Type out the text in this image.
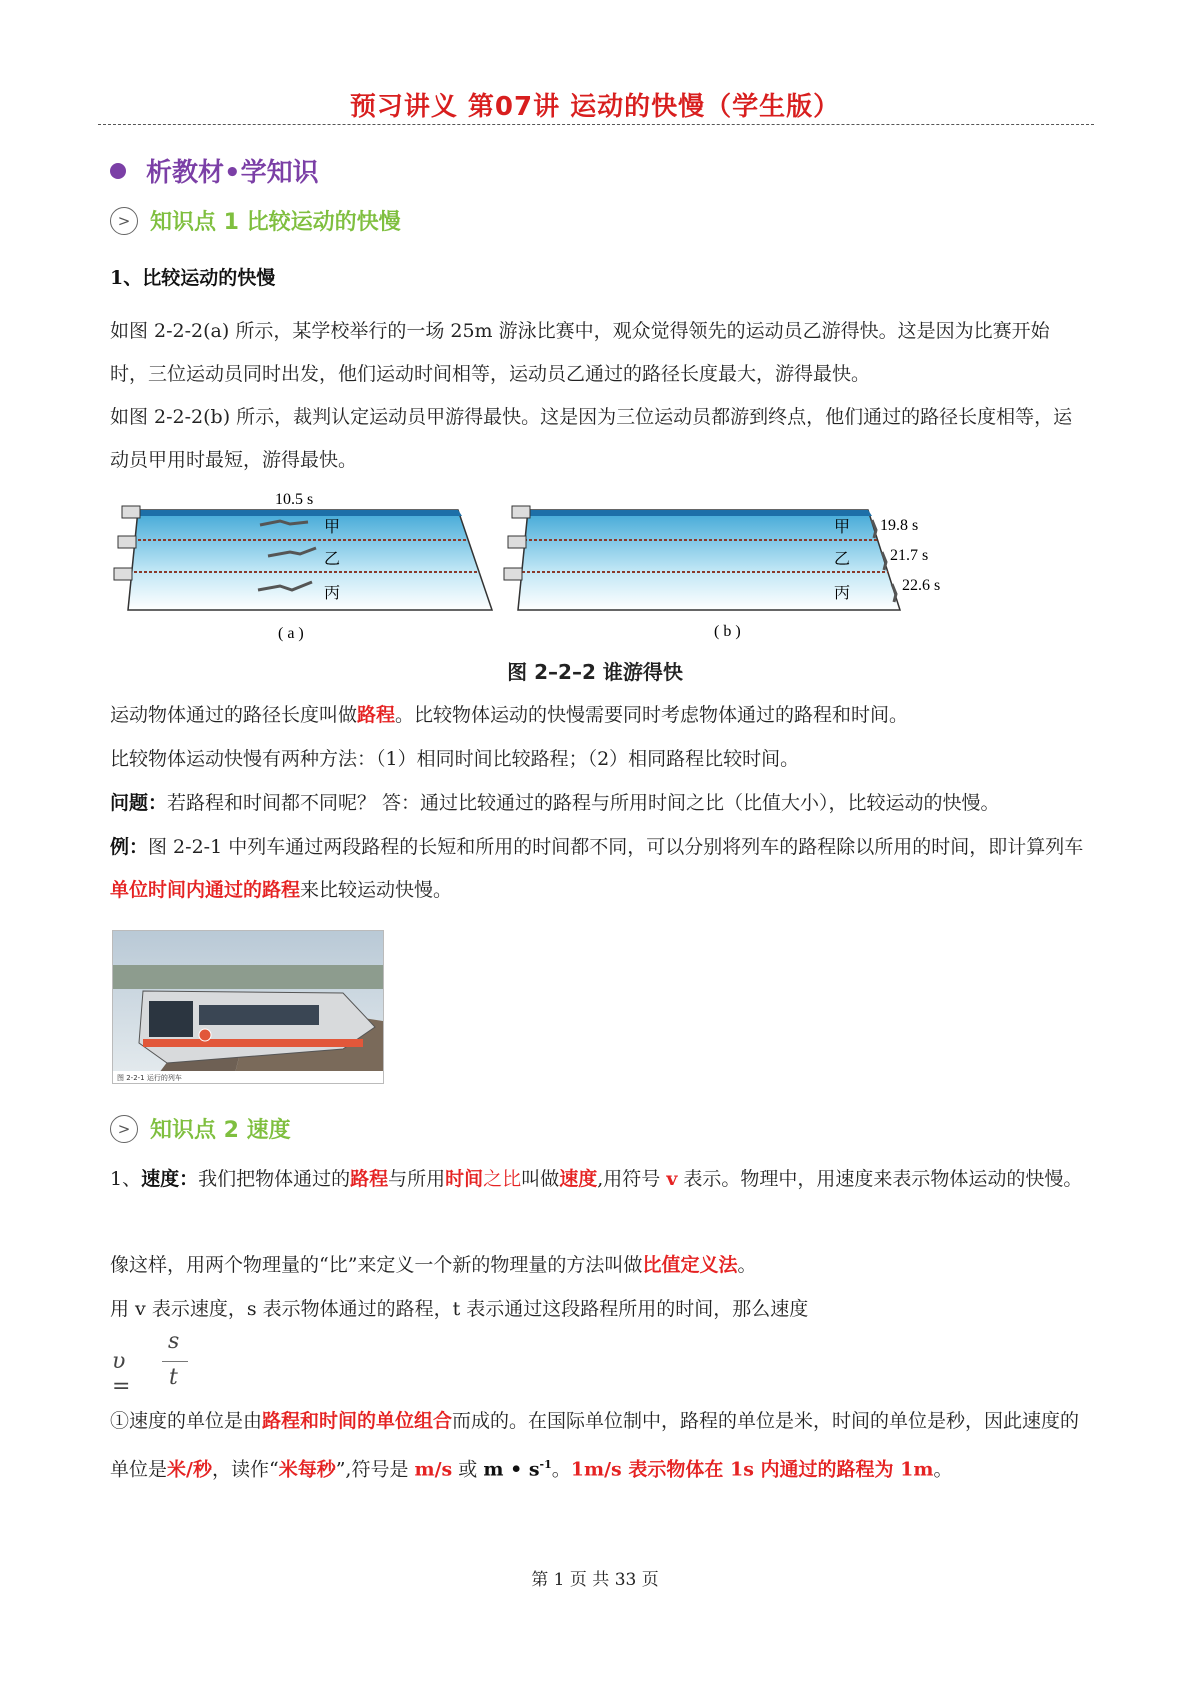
预习讲义 第07讲 运动的快慢（学生版）
析教材•学知识
> 知识点 1 比较运动的快慢
1、比较运动的快慢
如图 2-2-2(a) 所示，某学校举行的一场 25m 游泳比赛中，观众觉得领先的运动员乙游得快。这是因为比赛开始时，三位运动员同时出发，他们运动时间相等，运动员乙通过的路径长度最大，游得最快。
如图 2-2-2(b) 所示，裁判认定运动员甲游得最快。这是因为三位运动员都游到终点，他们通过的路径长度相等，运动员甲用时最短，游得最快。
10.5 s
甲
乙
丙
( a )
甲
乙
丙
19.8 s
21.7 s
22.6 s
( b )
图 2–2–2 谁游得快
运动物体通过的路径长度叫做路程。比较物体运动的快慢需要同时考虑物体通过的路程和时间。
比较物体运动快慢有两种方法：（1）相同时间比较路程；（2）相同路程比较时间。
问题：若路程和时间都不同呢？ 答：通过比较通过的路程与所用时间之比（比值大小），比较运动的快慢。
例：图 2-2-1 中列车通过两段路程的长短和所用的时间都不同，可以分别将列车的路程除以所用的时间，即计算列车单位时间内通过的路程来比较运动快慢。
图 2-2-1 运行的列车
> 知识点 2 速度
1、速度：我们把物体通过的路程与所用时间之比叫做速度,用符号 v 表示。物理中，用速度来表示物体运动的快慢。
像这样，用两个物理量的“比”来定义一个新的物理量的方法叫做比值定义法。
用 v 表示速度，s 表示物体通过的路程，t 表示通过这段路程所用的时间，那么速度
υ =
s
t
①速度的单位是由路程和时间的单位组合而成的。在国际单位制中，路程的单位是米，时间的单位是秒，因此速度的单位是米/秒，读作“米每秒”,符号是 m/s 或 m • $s^{-1}$。1m/s 表示物体在 1s 内通过的路程为 1m。
第 1 页 共 33 页
